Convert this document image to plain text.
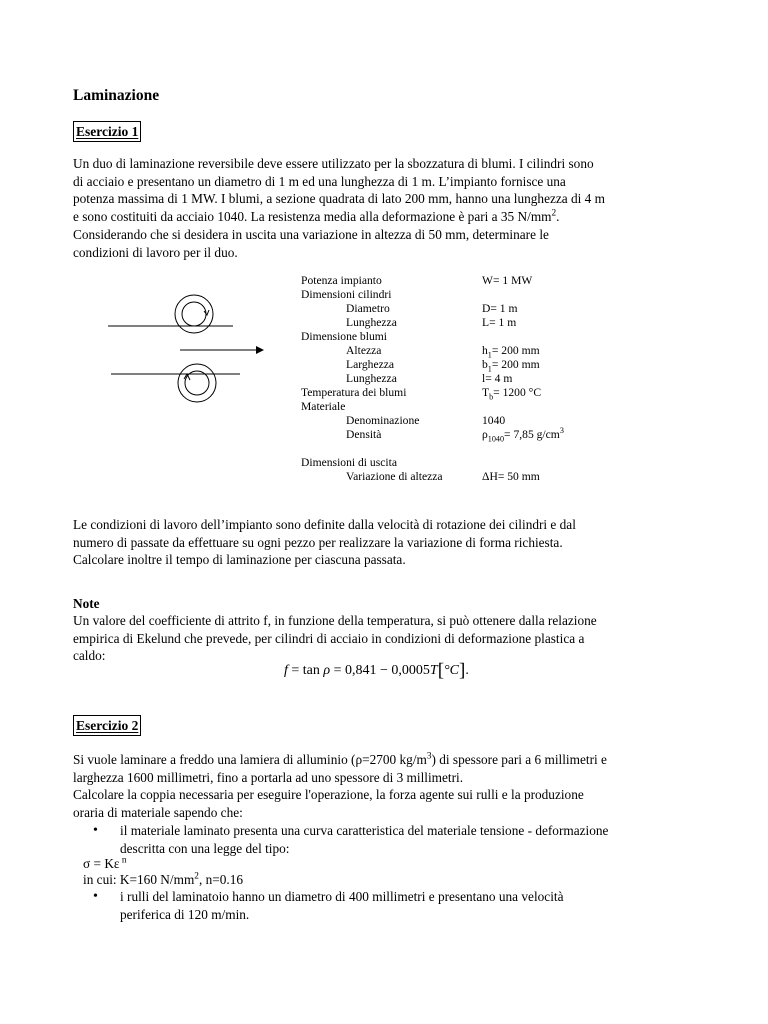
Laminazione
Esercizio 1
Un duo di laminazione reversibile deve essere utilizzato per la sbozzatura di blumi. I cilindri sono
di acciaio e presentano un diametro di 1 m ed una lunghezza di 1 m. L’impianto fornisce una
potenza massima di 1 MW. I blumi, a sezione quadrata di lato 200 mm, hanno una lunghezza di 4 m
e sono costituiti da acciaio 1040. La resistenza media alla deformazione è pari a 35 $N/mm^2$.
Considerando che si desidera in uscita una variazione in altezza di 50 mm, determinare le
condizioni di lavoro per il duo.
Potenza impianto	W= 1 MW
Dimensioni cilindri
Diametro	D= 1 m
Lunghezza	L= 1 m
Dimensione blumi
Altezza	$h_1= 200$ mm
Larghezza	$b_1= 200$ mm
Lunghezza	l= 4 m
Temperatura dei blumi	$T_b= 1200$ °C
Materiale
Denominazione	1040
Densità	$\rho_{1040}= 7,85$ $g/cm^3$
Dimensioni di uscita
Variazione di altezza	ΔH= 50 mm
Le condizioni di lavoro dell’impianto sono definite dalla velocità di rotazione dei cilindri e dal
numero di passate da effettuare su ogni pezzo per realizzare la variazione di forma richiesta.
Calcolare inoltre il tempo di laminazione per ciascuna passata.
Note
Un valore del coefficiente di attrito f, in funzione della temperatura, si può ottenere dalla relazione
empirica di Ekelund che prevede, per cilindri di acciaio in condizioni di deformazione plastica a
caldo:
f = tan ρ = 0,841 − 0,0005T[°C].
Esercizio 2
Si vuole laminare a freddo una lamiera di alluminio (ρ=2700 $kg/m^3$) di spessore pari a 6 millimetri e
larghezza 1600 millimetri, fino a portarla ad uno spessore di 3 millimetri.
Calcolare la coppia necessaria per eseguire l'operazione, la forza agente sui rulli e la produzione
oraria di materiale sapendo che:
• il materiale laminato presenta una curva caratteristica del materiale tensione - deformazione
descritta con una legge del tipo:
σ = Kε $^n$
in cui: K=160 $N/mm^2$, n=0.16
• i rulli del laminatoio hanno un diametro di 400 millimetri e presentano una velocità
periferica di 120 m/min.
